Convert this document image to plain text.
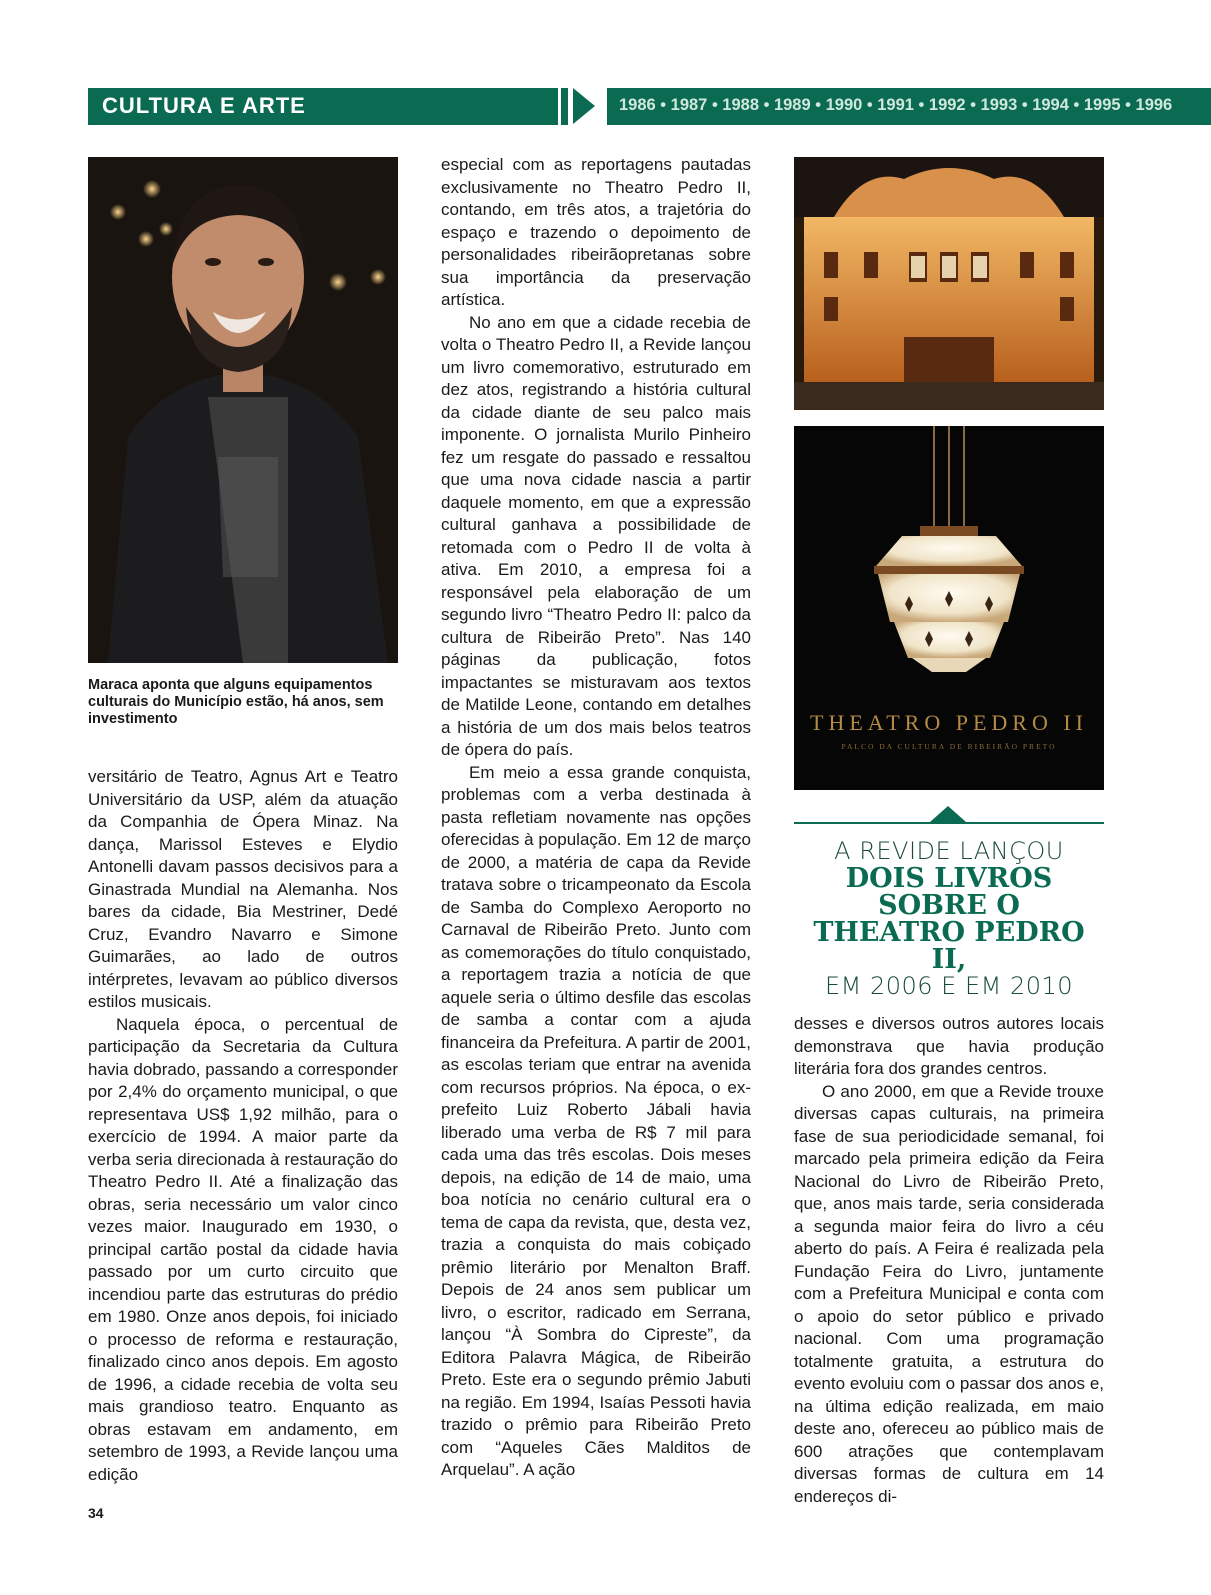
CULTURA E ARTE	1986 • 1987 • 1988 • 1989 • 1990 • 1991 • 1992 • 1993 • 1994 • 1995 • 1996
Maraca aponta que alguns equipamentos culturais do Município estão, há anos, sem investimento	THEATRO PEDRO II
PALCO DA CULTURA DE RIBEIRÃO PRETO
A REVIDE LANÇOU
DOIS LIVROS
SOBRE O
THEATRO PEDRO II,
EM 2006 E EM 2010

versitário de Teatro, Agnus Art e Teatro Universitário da USP, além da atuação da Companhia de Ópera Minaz. Na dança, Marissol Esteves e Elydio Antonelli davam passos decisivos para a Ginastrada Mundial na Alemanha. Nos bares da cidade, Bia Mestriner, Dedé Cruz, Evandro Navarro e Simone Guimarães, ao lado de outros intérpretes, levavam ao público diversos estilos musicais.

Naquela época, o percentual de participação da Secretaria da Cultura havia dobrado, passando a corresponder por 2,4% do orçamento municipal, o que representava US$ 1,92 milhão, para o exercício de 1994. A maior parte da verba seria direcionada à restauração do Theatro Pedro II. Até a finalização das obras, seria necessário um valor cinco vezes maior. Inaugurado em 1930, o principal cartão postal da cidade havia passado por um curto circuito que incendiou parte das estruturas do prédio em 1980. Onze anos depois, foi iniciado o processo de reforma e restauração, finalizado cinco anos depois. Em agosto de 1996, a cidade recebia de volta seu mais grandioso teatro. Enquanto as obras estavam em andamento, em setembro de 1993, a Revide lançou uma edição

especial com as reportagens pautadas exclusivamente no Theatro Pedro II, contando, em três atos, a trajetória do espaço e trazendo o depoimento de personalidades ribeirãopretanas sobre sua importância da preservação artística.

No ano em que a cidade recebia de volta o Theatro Pedro II, a Revide lançou um livro comemorativo, estruturado em dez atos, registrando a história cultural da cidade diante de seu palco mais imponente. O jornalista Murilo Pinheiro fez um resgate do passado e ressaltou que uma nova cidade nascia a partir daquele momento, em que a expressão cultural ganhava a possibilidade de retomada com o Pedro II de volta à ativa. Em 2010, a empresa foi a responsável pela elaboração de um segundo livro “Theatro Pedro II: palco da cultura de Ribeirão Preto”. Nas 140 páginas da publicação, fotos impactantes se misturavam aos textos de Matilde Leone, contando em detalhes a história de um dos mais belos teatros de ópera do país.

Em meio a essa grande conquista, problemas com a verba destinada à pasta refletiam novamente nas opções oferecidas à população. Em 12 de março de 2000, a matéria de capa da Revide tratava sobre o tricampeonato da Escola de Samba do Complexo Aeroporto no Carnaval de Ribeirão Preto. Junto com as comemorações do título conquistado, a reportagem trazia a notícia de que aquele seria o último desfile das escolas de samba a contar com a ajuda financeira da Prefeitura. A partir de 2001, as escolas teriam que entrar na avenida com recursos próprios. Na época, o ex-prefeito Luiz Roberto Jábali havia liberado uma verba de R$ 7 mil para cada uma das três escolas. Dois meses depois, na edição de 14 de maio, uma boa notícia no cenário cultural era o tema de capa da revista, que, desta vez, trazia a conquista do mais cobiçado prêmio literário por Menalton Braff. Depois de 24 anos sem publicar um livro, o escritor, radicado em Serrana, lançou “À Sombra do Cipreste”, da Editora Palavra Mágica, de Ribeirão Preto. Este era o segundo prêmio Jabuti na região. Em 1994, Isaías Pessoti havia trazido o prêmio para Ribeirão Preto com “Aqueles Cães Malditos de Arquelau”. A ação

desses e diversos outros autores locais demonstrava que havia produção literária fora dos grandes centros.

O ano 2000, em que a Revide trouxe diversas capas culturais, na primeira fase de sua periodicidade semanal, foi marcado pela primeira edição da Feira Nacional do Livro de Ribeirão Preto, que, anos mais tarde, seria considerada a segunda maior feira do livro a céu aberto do país. A Feira é realizada pela Fundação Feira do Livro, juntamente com a Prefeitura Municipal e conta com o apoio do setor público e privado nacional. Com uma programação totalmente gratuita, a estrutura do evento evoluiu com o passar dos anos e, na última edição realizada, em maio deste ano, ofereceu ao público mais de 600 atrações que contemplavam diversas formas de cultura em 14 endereços di-

34
